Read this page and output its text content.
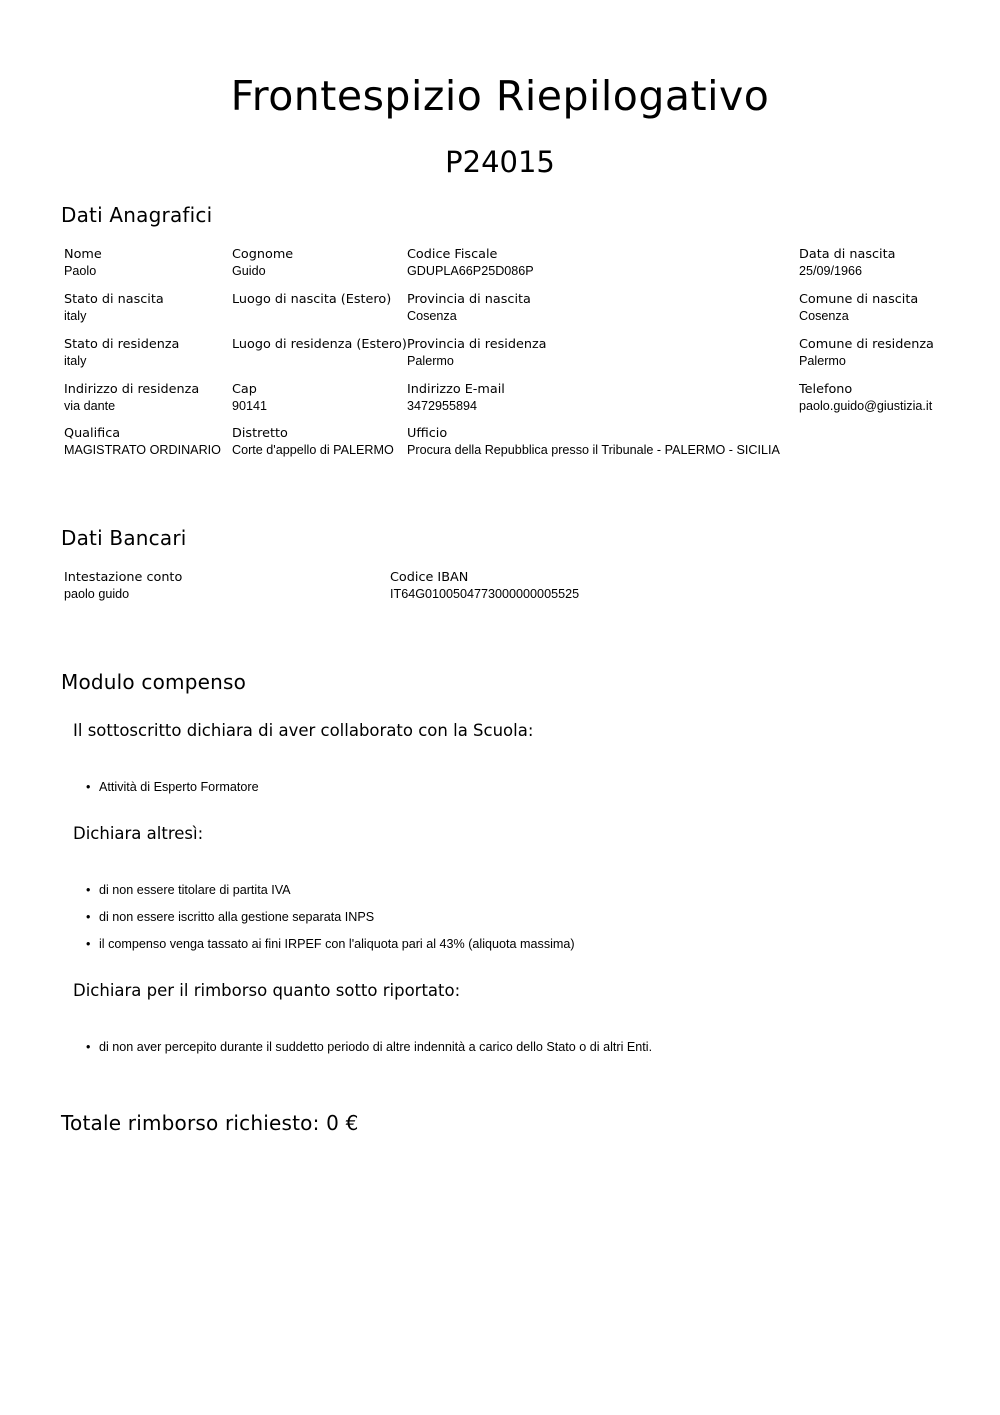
Frontespizio Riepilogativo
P24015
Dati Anagrafici
Nome
Paolo
Cognome
Guido
Codice Fiscale
GDUPLA66P25D086P
Data di nascita
25/09/1966
Stato di nascita
italy
Luogo di nascita (Estero) Provincia di nascita
Cosenza
Comune di nascita
Cosenza
Stato di residenza
italy
Luogo di residenza (Estero) Provincia di residenza
Palermo
Comune di residenza
Palermo
Indirizzo di residenza
via dante
Cap
90141
Indirizzo E-mail
3472955894
Telefono
paolo.guido@giustizia.it
Qualifica
MAGISTRATO ORDINARIO
Distretto
Corte d'appello di PALERMO
Ufficio
Procura della Repubblica presso il Tribunale - PALERMO - SICILIA
Dati Bancari
Intestazione conto
paolo guido
Codice IBAN
IT64G0100504773000000005525
Modulo compenso
Il sottoscritto dichiara di aver collaborato con la Scuola:
• Attività di Esperto Formatore
Dichiara altresì:
• di non essere titolare di partita IVA
• di non essere iscritto alla gestione separata INPS
• il compenso venga tassato ai fini IRPEF con l'aliquota pari al 43% (aliquota massima)
Dichiara per il rimborso quanto sotto riportato:
• di non aver percepito durante il suddetto periodo di altre indennità a carico dello Stato o di altri Enti.
Totale rimborso richiesto: 0 €
